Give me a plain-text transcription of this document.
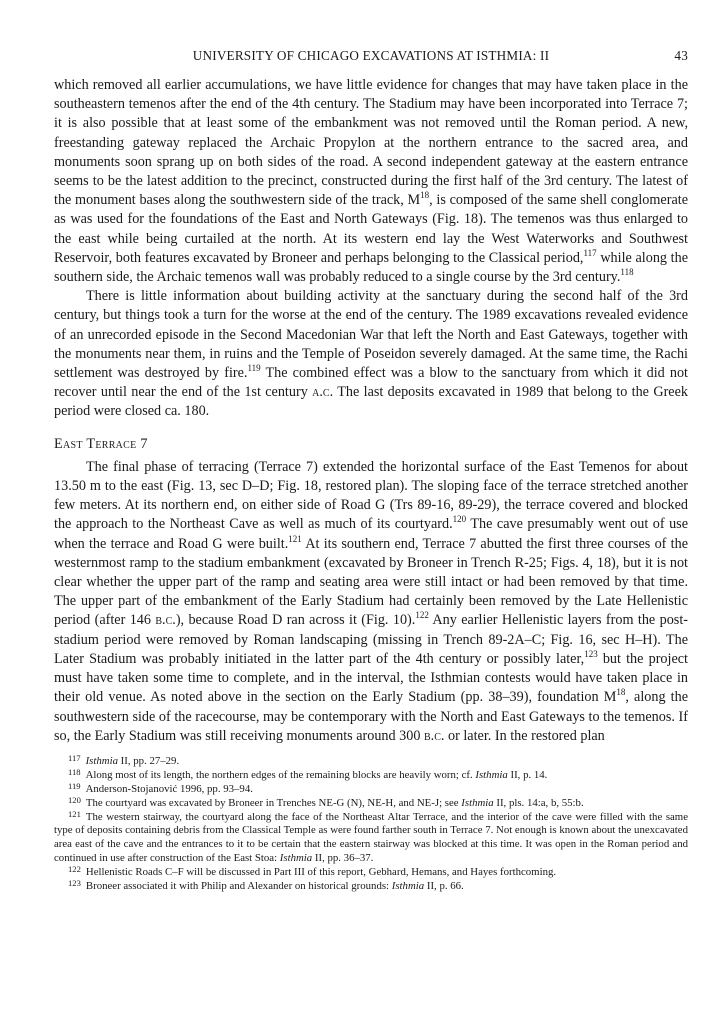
UNIVERSITY OF CHICAGO EXCAVATIONS AT ISTHMIA: II	43

which removed all earlier accumulations, we have little evidence for changes that may have taken place in the southeastern temenos after the end of the 4th century. The Stadium may have been incorporated into Terrace 7; it is also possible that at least some of the embankment was not removed until the Roman period. A new, freestanding gateway replaced the Archaic Propylon at the northern entrance to the sacred area, and monuments soon sprang up on both sides of the road. A second independent gateway at the eastern entrance seems to be the latest addition to the precinct, constructed during the first half of the 3rd century. The latest of the monument bases along the southwestern side of the track, $M^{18}$, is composed of the same shell conglomerate as was used for the foundations of the East and North Gateways (Fig. 18). The temenos was thus enlarged to the east while being curtailed at the north. At its western end lay the West Waterworks and Southwest Reservoir, both features excavated by Broneer and perhaps belonging to the Classical period,$^{117}$ while along the southern side, the Archaic temenos wall was probably reduced to a single course by the 3rd century.$^{118}$

There is little information about building activity at the sanctuary during the second half of the 3rd century, but things took a turn for the worse at the end of the century. The 1989 excavations revealed evidence of an unrecorded episode in the Second Macedonian War that left the North and East Gateways, together with the monuments near them, in ruins and the Temple of Poseidon severely damaged. At the same time, the Rachi settlement was destroyed by fire.$^{119}$ The combined effect was a blow to the sanctuary from which it did not recover until near the end of the 1st century a.c. The last deposits excavated in 1989 that belong to the Greek period were closed ca. 180.

East Terrace 7

The final phase of terracing (Terrace 7) extended the horizontal surface of the East Temenos for about 13.50 m to the east (Fig. 13, sec D–D; Fig. 18, restored plan). The sloping face of the terrace stretched another few meters. At its northern end, on either side of Road G (Trs 89-16, 89-29), the terrace covered and blocked the approach to the Northeast Cave as well as much of its courtyard.$^{120}$ The cave presumably went out of use when the terrace and Road G were built.$^{121}$ At its southern end, Terrace 7 abutted the first three courses of the westernmost ramp to the stadium embankment (excavated by Broneer in Trench R-25; Figs. 4, 18), but it is not clear whether the upper part of the ramp and seating area were still intact or had been removed by that time. The upper part of the embankment of the Early Stadium had certainly been removed by the Late Hellenistic period (after 146 b.c.), because Road D ran across it (Fig. 10).$^{122}$ Any earlier Hellenistic layers from the post-stadium period were removed by Roman landscaping (missing in Trench 89-2A–C; Fig. 16, sec H–H). The Later Stadium was probably initiated in the latter part of the 4th century or possibly later,$^{123}$ but the project must have taken some time to complete, and in the interval, the Isthmian contests would have taken place in their old venue. As noted above in the section on the Early Stadium (pp. 38–39), foundation $M^{18}$, along the southwestern side of the racecourse, may be contemporary with the North and East Gateways to the temenos. If so, the Early Stadium was still receiving monuments around 300 b.c. or later. In the restored plan

$^{117}$ Isthmia II, pp. 27–29.

$^{118}$ Along most of its length, the northern edges of the remaining blocks are heavily worn; cf. Isthmia II, p. 14.

$^{119}$ Anderson-Stojanović 1996, pp. 93–94.

$^{120}$ The courtyard was excavated by Broneer in Trenches NE-G (N), NE-H, and NE-J; see Isthmia II, pls. 14:a, b, 55:b.

$^{121}$ The western stairway, the courtyard along the face of the Northeast Altar Terrace, and the interior of the cave were filled with the same type of deposits containing debris from the Classical Temple as were found farther south in Terrace 7. Not enough is known about the unexcavated area east of the cave and the entrances to it to be certain that the eastern stairway was blocked at this time. It was open in the Roman period and continued in use after construction of the East Stoa: Isthmia II, pp. 36–37.

$^{122}$ Hellenistic Roads C–F will be discussed in Part III of this report, Gebhard, Hemans, and Hayes forthcoming.

$^{123}$ Broneer associated it with Philip and Alexander on historical grounds: Isthmia II, p. 66.
